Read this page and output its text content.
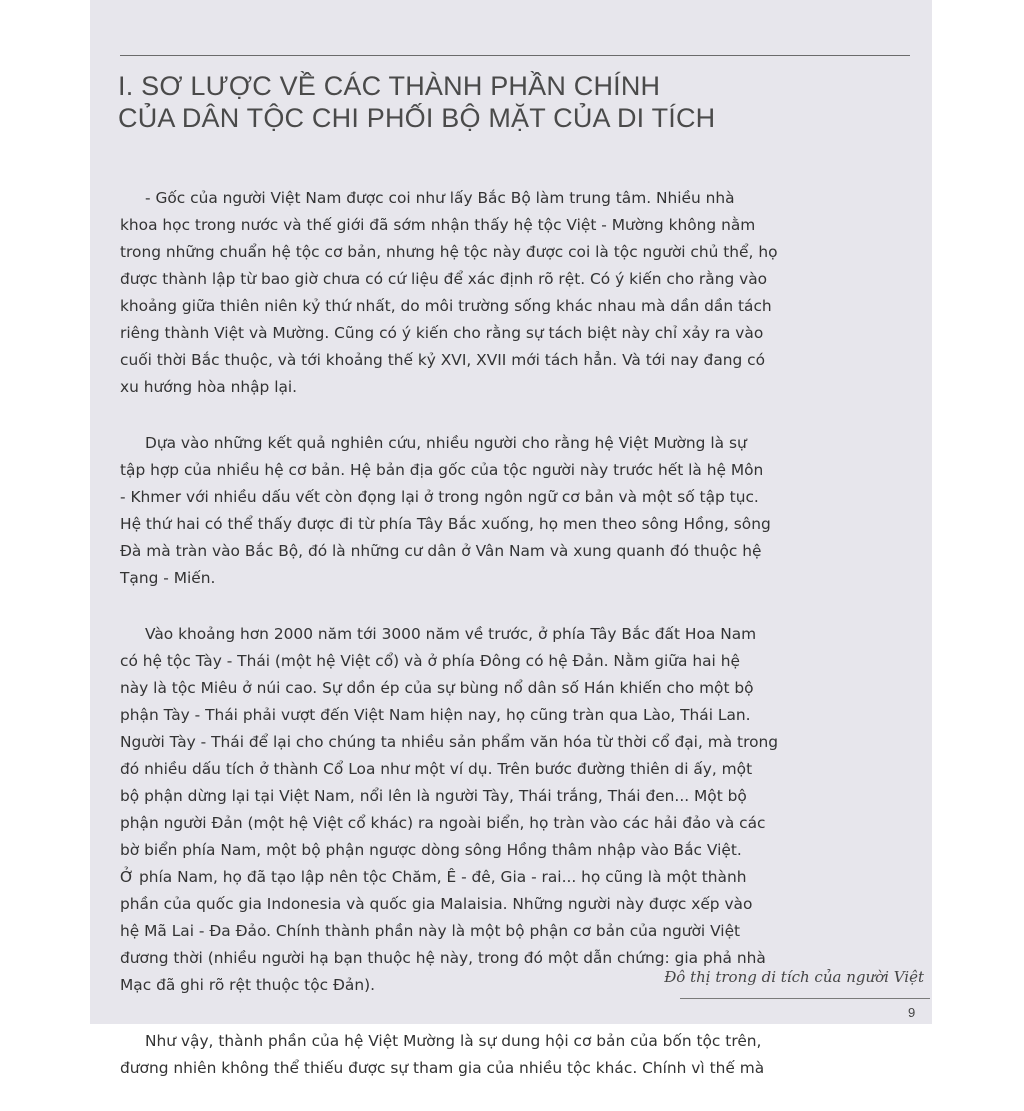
I. SƠ LƯỢC VỀ CÁC THÀNH PHẦN CHÍNH
CỦA DÂN TỘC CHI PHỐI BỘ MẶT CỦA DI TÍCH
- Gốc của người Việt Nam được coi như lấy Bắc Bộ làm trung tâm. Nhiều nhà
khoa học trong nước và thế giới đã sớm nhận thấy hệ tộc Việt - Mường không nằm
trong những chuẩn hệ tộc cơ bản, nhưng hệ tộc này được coi là tộc người chủ thể, họ
được thành lập từ bao giờ chưa có cứ liệu để xác định rõ rệt. Có ý kiến cho rằng vào
khoảng giữa thiên niên kỷ thứ nhất, do môi trường sống khác nhau mà dần dần tách
riêng thành Việt và Mường. Cũng có ý kiến cho rằng sự tách biệt này chỉ xảy ra vào
cuối thời Bắc thuộc, và tới khoảng thế kỷ XVI, XVII mới tách hẳn. Và tới nay đang có
xu hướng hòa nhập lại.
Dựa vào những kết quả nghiên cứu, nhiều người cho rằng hệ Việt Mường là sự
tập hợp của nhiều hệ cơ bản. Hệ bản địa gốc của tộc người này trước hết là hệ Môn
- Khmer với nhiều dấu vết còn đọng lại ở trong ngôn ngữ cơ bản và một số tập tục.
Hệ thứ hai có thể thấy được đi từ phía Tây Bắc xuống, họ men theo sông Hồng, sông
Đà mà tràn vào Bắc Bộ, đó là những cư dân ở Vân Nam và xung quanh đó thuộc hệ
Tạng - Miến.
Vào khoảng hơn 2000 năm tới 3000 năm về trước, ở phía Tây Bắc đất Hoa Nam
có hệ tộc Tày - Thái (một hệ Việt cổ) và ở phía Đông có hệ Đản. Nằm giữa hai hệ
này là tộc Miêu ở núi cao. Sự dồn ép của sự bùng nổ dân số Hán khiến cho một bộ
phận Tày - Thái phải vượt đến Việt Nam hiện nay, họ cũng tràn qua Lào, Thái Lan.
Người Tày - Thái để lại cho chúng ta nhiều sản phẩm văn hóa từ thời cổ đại, mà trong
đó nhiều dấu tích ở thành Cổ Loa như một ví dụ. Trên bước đường thiên di ấy, một
bộ phận dừng lại tại Việt Nam, nổi lên là người Tày, Thái trắng, Thái đen... Một bộ
phận người Đản (một hệ Việt cổ khác) ra ngoài biển, họ tràn vào các hải đảo và các
bờ biển phía Nam, một bộ phận ngược dòng sông Hồng thâm nhập vào Bắc Việt.
Ở phía Nam, họ đã tạo lập nên tộc Chăm, Ê - đê, Gia - rai... họ cũng là một thành
phần của quốc gia Indonesia và quốc gia Malaisia. Những người này được xếp vào
hệ Mã Lai - Đa Đảo. Chính thành phần này là một bộ phận cơ bản của người Việt
đương thời (nhiều người hạ bạn thuộc hệ này, trong đó một dẫn chứng: gia phả nhà
Mạc đã ghi rõ rệt thuộc tộc Đản).
Như vậy, thành phần của hệ Việt Mường là sự dung hội cơ bản của bốn tộc trên,
đương nhiên không thể thiếu được sự tham gia của nhiều tộc khác. Chính vì thế mà
Đô thị trong di tích của người Việt
9
